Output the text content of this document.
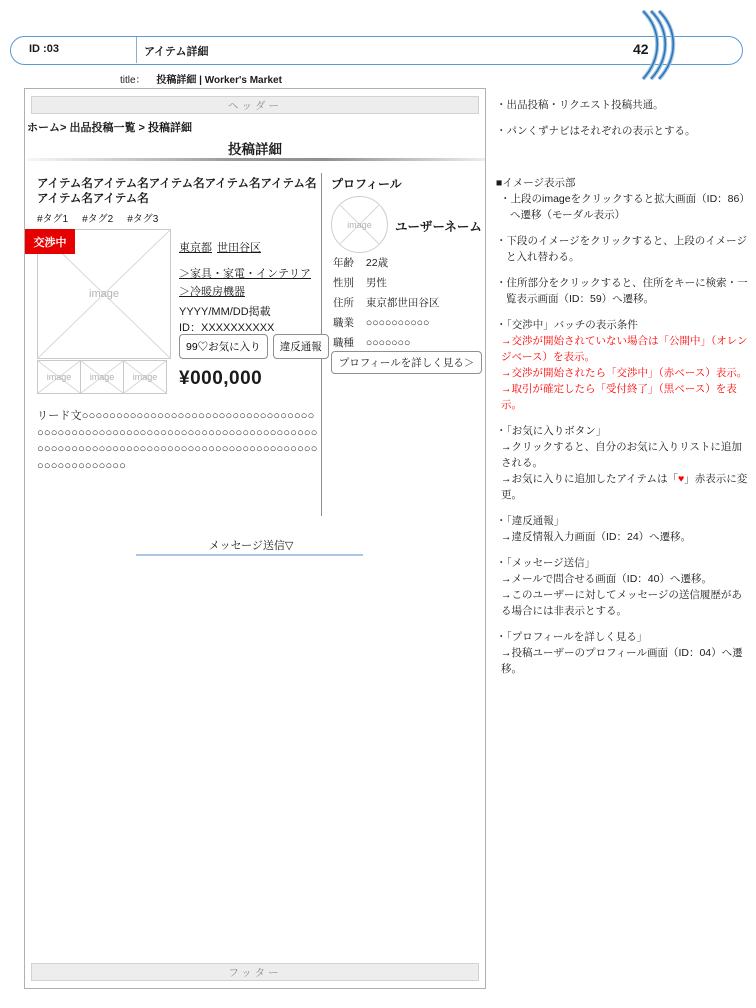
ID :03	アイテム詳細	42
title： 投稿詳細 | Worker's Market
ヘッダー
ホーム> 出品投稿一覧 > 投稿詳細
投稿詳細
アイテム名アイテム名アイテム名アイテム名アイテム名アイテム名アイテム名
#タグ1 #タグ2 #タグ3
image
交渉中
image	image	image
東京都 世田谷区
＞家具・家電・インテリア
＞冷暖房機器
YYYY/MM/DD掲載
ID：XXXXXXXXXX
99♡お気に入り 違反通報
¥000,000
リード文○○○○○○○○○○○○○○○○○○○○○○○○○○○○○○○○○○○○○○○○○○○○○○○○○○○○○○○○○○○○○○○○○○○○○○○○○○○○○○○○○○○○○○○○○○○○○○○○○○○○○○○○○○○○○○○○○○○○○○○○○○○○○○○○○
メッセージ送信▽
プロフィール
image	ユーザーネーム
年齢 22歳
性別 男性
住所 東京都世田谷区
職業 ○○○○○○○○○○
職種 ○○○○○○○
プロフィールを詳しく見る＞
フッター
・出品投稿・リクエスト投稿共通。
・パンくずナビはそれぞれの表示とする。
■イメージ表示部
・上段のimageをクリックすると拡大画面（ID：86）へ遷移（モーダル表示）
・下段のイメージをクリックすると、上段のイメージと入れ替わる。
・住所部分をクリックすると、住所をキーに検索・一覧表示画面（ID：59）へ遷移。
・「交渉中」バッチの表示条件
→交渉が開始されていない場合は「公開中」（オレンジベース）を表示。
→交渉が開始されたら「交渉中」（赤ベース）表示。
→取引が確定したら「受付終了」（黒ベース）を表示。
・「お気に入りボタン」
→クリックすると、自分のお気に入りリストに追加される。
→お気に入りに追加したアイテムは「♥」赤表示に変更。
・「違反通報」
→違反情報入力画面（ID：24）へ遷移。
・「メッセージ送信」
→メールで問合せる画面（ID：40）へ遷移。
→このユーザーに対してメッセージの送信履歴がある場合には非表示とする。
・「プロフィールを詳しく見る」
→投稿ユーザーのプロフィール画面（ID：04）へ遷移。
